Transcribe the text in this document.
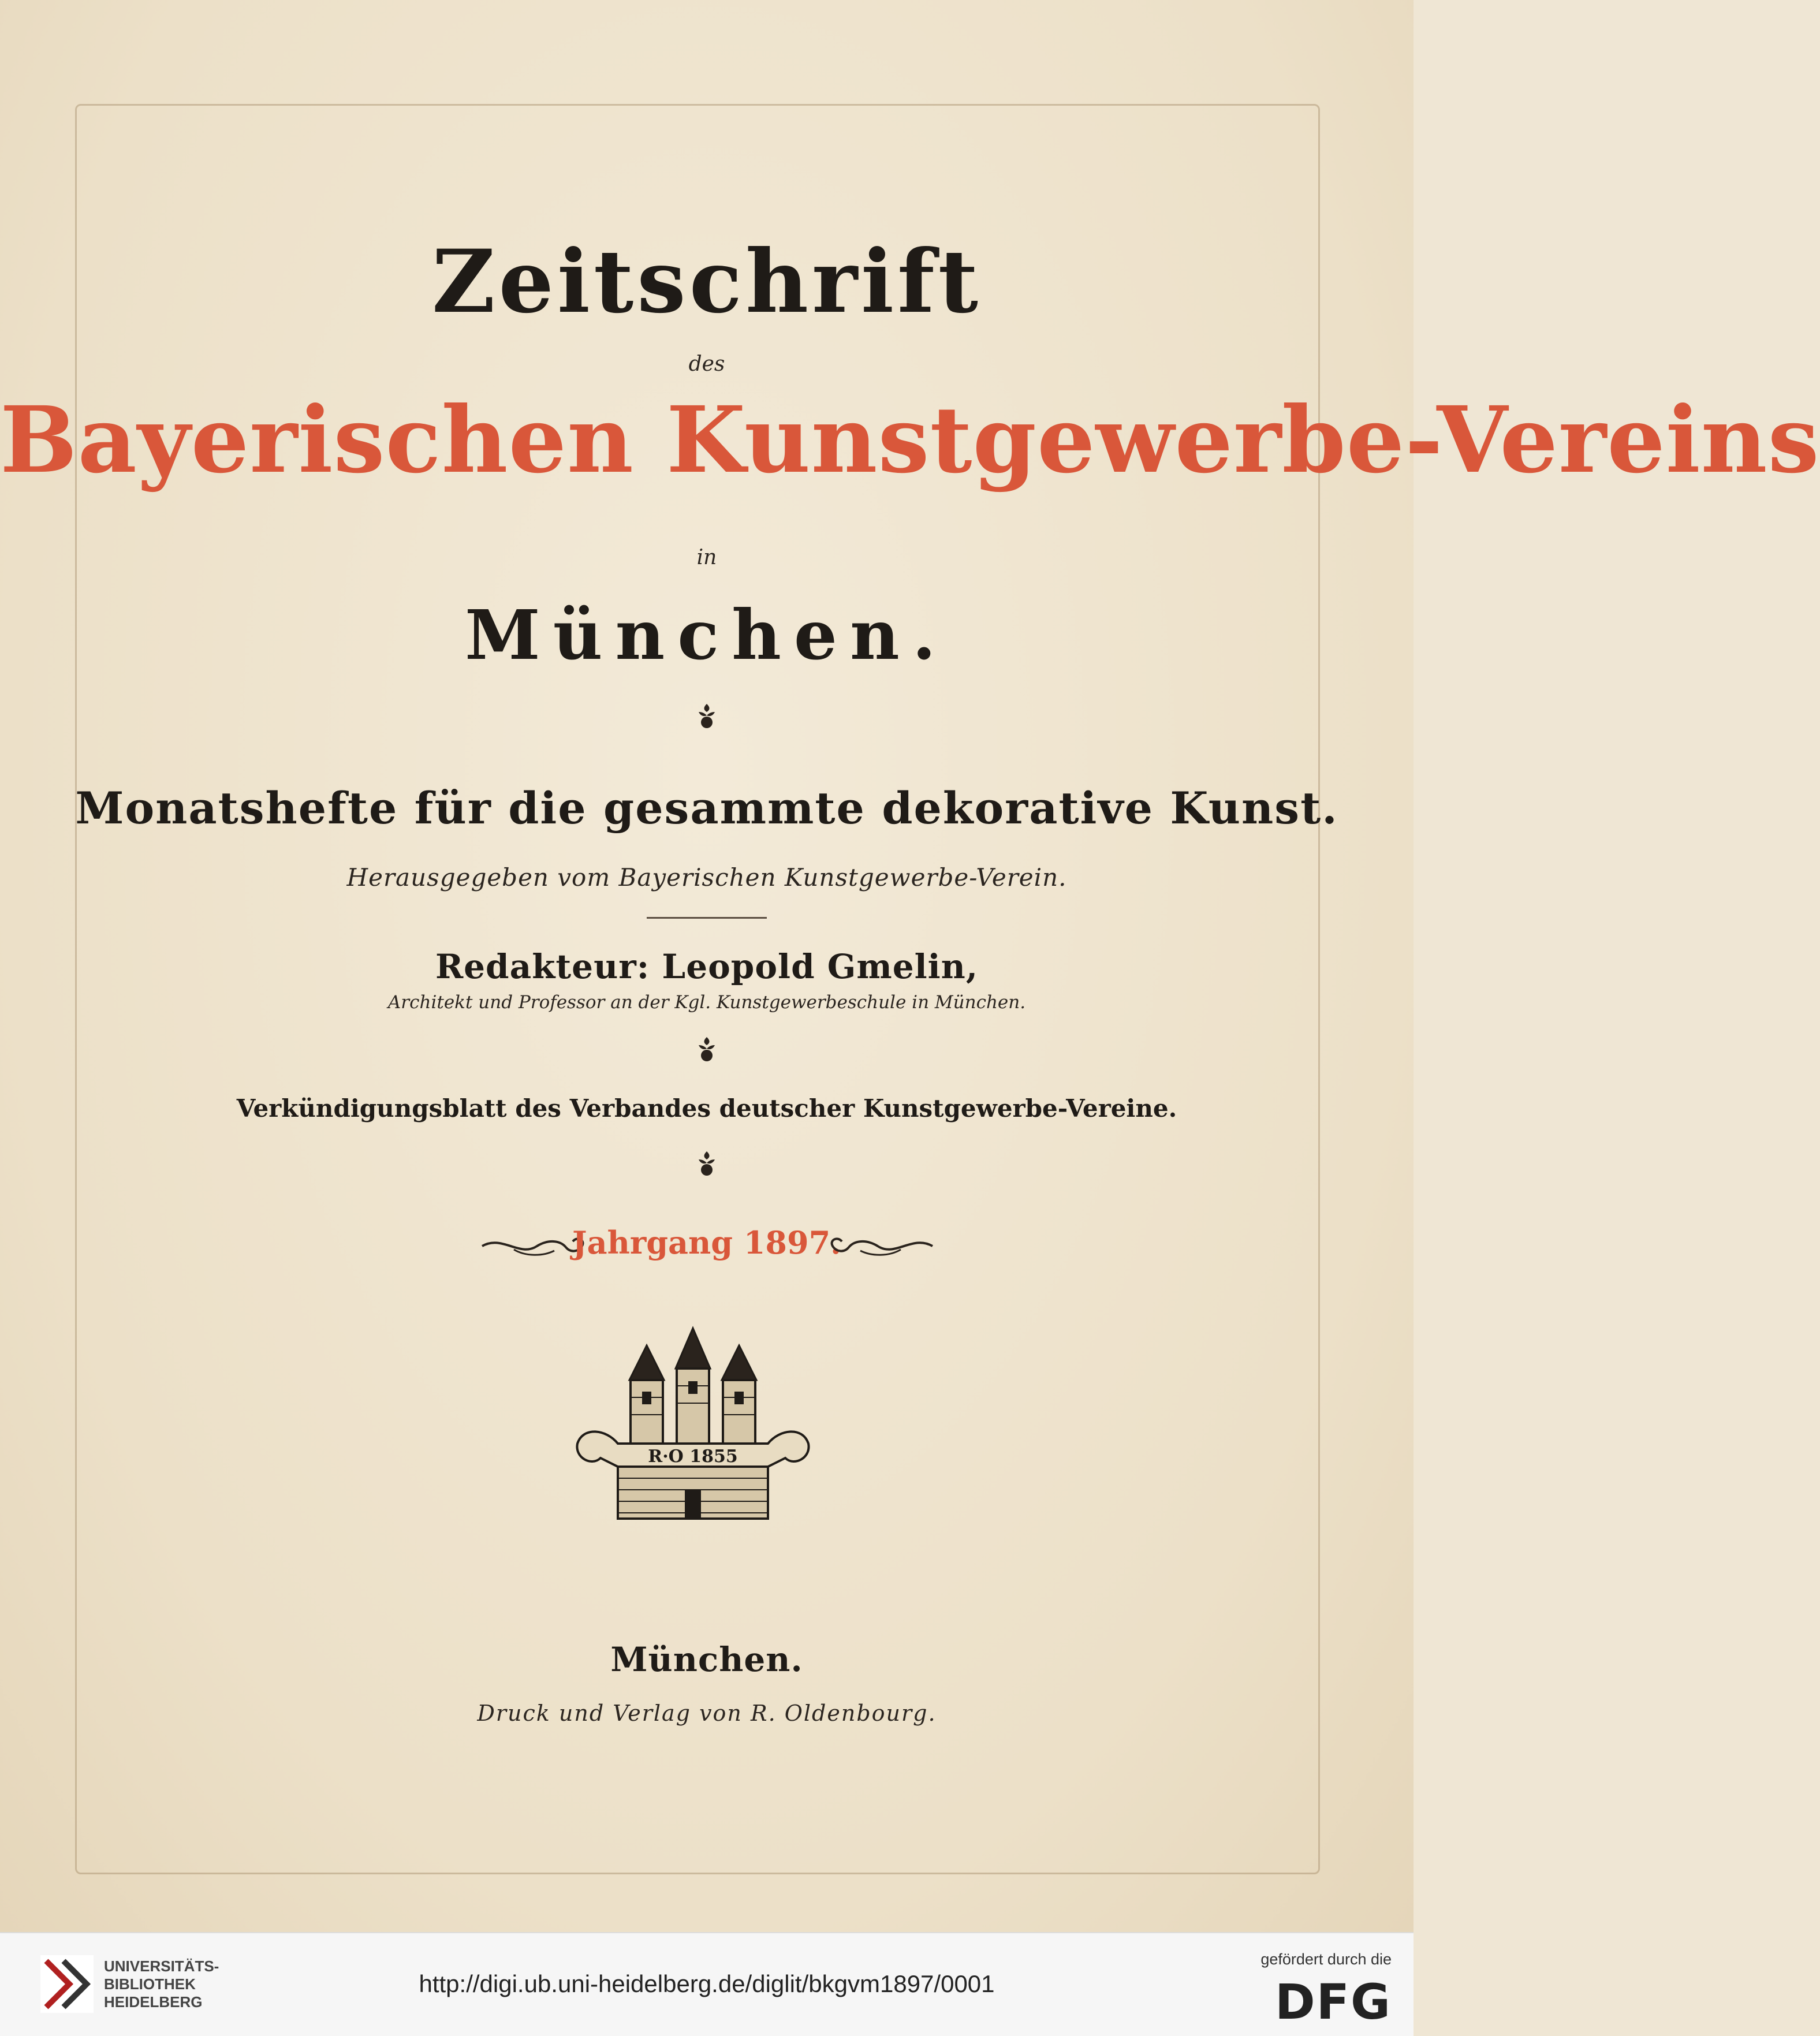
Zeitschrift
des
Bayerischen Kunstgewerbe-Vereins
in
München.
Monatshefte für die gesammte dekorative Kunst.
Herausgegeben vom Bayerischen Kunstgewerbe-Verein.
Redakteur: Leopold Gmelin,
Architekt und Professor an der Kgl. Kunstgewerbeschule in München.
Verkündigungsblatt des Verbandes deutscher Kunstgewerbe-Vereine.
Jahrgang 1897.
R·O 1855
München.
Druck und Verlag von R. Oldenbourg.
UNIVERSITÄTS-
BIBLIOTHEK
HEIDELBERG
http://digi.ub.uni-heidelberg.de/diglit/bkgvm1897/0001
gefördert durch die
DFG
